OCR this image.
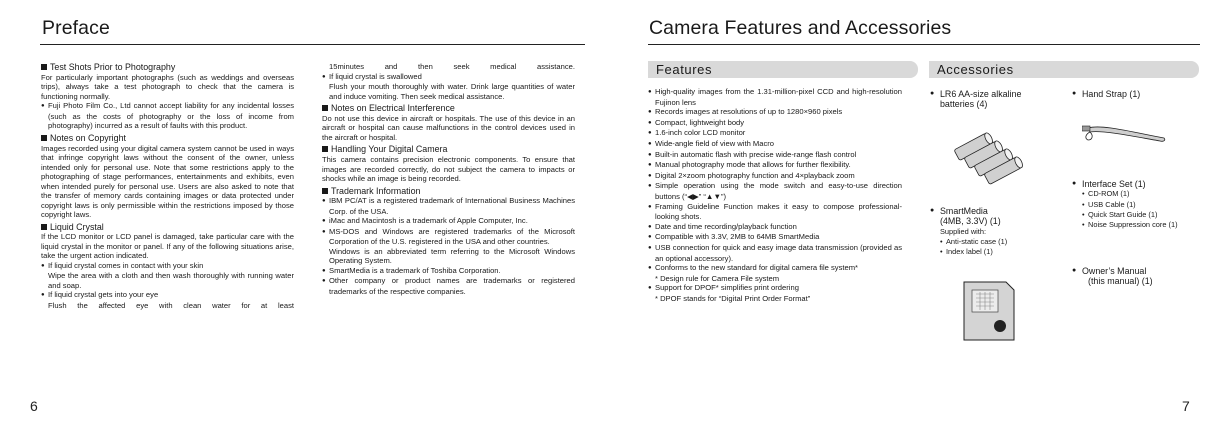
Preface
Test Shots Prior to Photography

For particularly important photographs (such as weddings and overseas trips), always take a test photograph to check that the camera is functioning normally.

● Fuji Photo Film Co., Ltd cannot accept liability for any incidental losses (such as the costs of photography or the loss of income from photography) incurred as a result of faults with this product.

Notes on Copyright

Images recorded using your digital camera system cannot be used in ways that infringe copyright laws without the consent of the owner, unless intended only for personal use. Note that some restrictions apply to the photographing of stage performances, entertainments and exhibits, even when intended purely for personal use. Users are also asked to note that the transfer of memory cards containing images or data protected under copyright laws is only permissible within the restrictions imposed by those copyright laws.

Liquid Crystal

If the LCD monitor or LCD panel is damaged, take particular care with the liquid crystal in the monitor or panel. If any of the following situations arise, take the urgent action indicated.

● If liquid crystal comes in contact with your skin

Wipe the area with a cloth and then wash thoroughly with running water and soap.

● If liquid crystal gets into your eye

Flush the affected eye with clean water for at least

15minutes and then seek medical assistance.

● If liquid crystal is swallowed

Flush your mouth thoroughly with water. Drink large quantities of water and induce vomiting. Then seek medical assistance.

Notes on Electrical Interference

Do not use this device in aircraft or hospitals. The use of this device in an aircraft or hospital can cause malfunctions in the control devices used in the aircraft or hospital.

Handling Your Digital Camera

This camera contains precision electronic components. To ensure that images are recorded correctly, do not subject the camera to impacts or shocks while an image is being recorded.

Trademark Information

● IBM PC/AT is a registered trademark of International Business Machines Corp. of the USA.

● iMac and Macintosh is a trademark of Apple Computer, Inc.

● MS-DOS and Windows are registered trademarks of the Microsoft Corporation of the U.S. registered in the USA and other countries.

Windows is an abbreviated term referring to the Microsoft Windows Operating System.

● SmartMedia is a trademark of Toshiba Corporation.

● Other company or product names are trademarks or registered trademarks of the respective companies.

6
Camera Features and Accessories
Features	Accessories

● High-quality images from the 1.31-million-pixel CCD and high-resolution Fujinon lens

● Records images at resolutions of up to 1280×960 pixels

● Compact, lightweight body

● 1.6-inch color LCD monitor

● Wide-angle field of view with Macro

● Built-in automatic flash with precise wide-range flash control

● Manual photography mode that allows for further flexibility.

● Digital 2×zoom photography function and 4×playback zoom

● Simple operation using the mode switch and easy-to-use direction buttons (“◀▶” “▲▼”)

● Framing Guideline Function makes it easy to compose professional-looking shots.

● Date and time recording/playback function

● Compatible with 3.3V, 2MB to 64MB SmartMedia

● USB connection for quick and easy image data transmission (provided as an optional accessory).

● Conforms to the new standard for digital camera file system*

* Design rule for Camera File system

● Support for DPOF* simplifies print ordering

* DPOF stands for “Digital Print Order Format”

● LR6 AA-size alkaline
batteries (4)
● Hand Strap (1)
● Interface Set (1)
• CD-ROM (1)
• USB Cable (1)
• Quick Start Guide (1)
• Noise Suppression core (1)
● SmartMedia
(4MB, 3.3V) (1)
Supplied with:
• Anti-static case (1)
• Index label (1)
● Owner’s Manual
(this manual) (1)
7
